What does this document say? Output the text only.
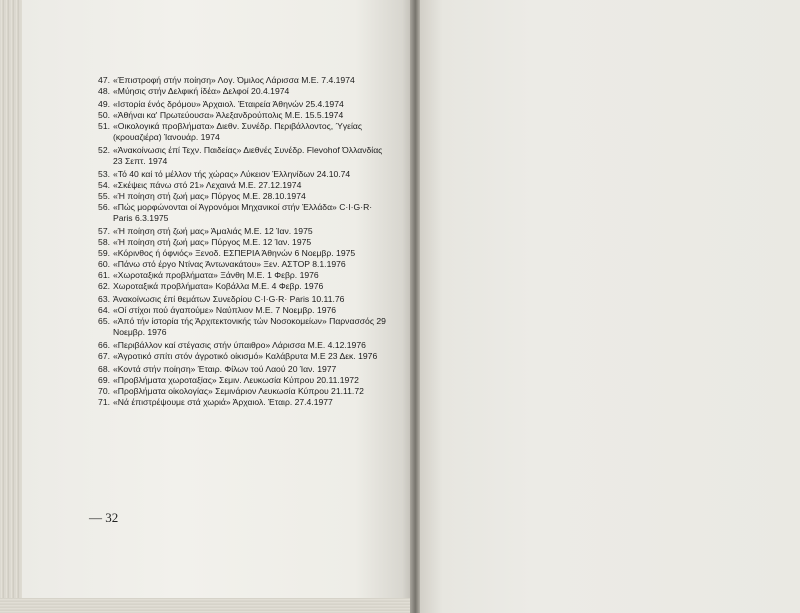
47. «Έπιστροφή στήν ποίηση» Λογ. Όμιλος Λάρισσα Μ.Ε. 7.4.1974
48. «Μύησις στήν Δελφική ίδέα» Δελφοί 20.4.1974
49. «Ιστορία ένός δρόμου» Άρχαιολ. Έταιρεία Άθηνών 25.4.1974
50. «Άθήναι κα' Πρωτεύουσα» Άλεξανδρούπολις Μ.Ε. 15.5.1974
51. «Οικολογικά προβλήματα» Διεθν. Συνέδρ. Περιβάλλοντος, Ύγείας (κρουαζιέρα) Ίανουάρ. 1974
52. «Άνακοίνωσις έπί Τεχν. Παιδείας» Διεθνές Συνέδρ. Flevohof Όλλανδίας 23 Σεπτ. 1974
53. «Τό 40 καί τό μέλλον τής χώρας» Λύκειον Έλληνίδων 24.10.74
54. «Σκέψεις πάνω στό 21» Λεχαινά Μ.Ε. 27.12.1974
55. «Ή ποίηση στή ζωή μας» Πύργος Μ.Ε. 28.10.1974
56. «Πώς μορφώνονται οί Άγρονόμοι Μηχανικοί στήν Έλλάδα» C·I·G·R· Paris 6.3.1975
57. «Ή ποίηση στή ζωή μας» Άμαλιάς Μ.Ε. 12 Ίαν. 1975
58. «Ή ποίηση στή ζωή μας» Πύργος Μ.Ε. 12 Ίαν. 1975
59. «Κόρινθος ή όφνιός» Ξενοδ. ΕΣΠΕΡΙΑ Άθηνών 6 Νοεμβρ. 1975
60. «Πάνω στό έργο Ντίνας Άντωνακάτου» Ξεν. ΑΣΤΟΡ 8.1.1976
61. «Χωροταξικά προβλήματα» Ξάνθη Μ.Ε. 1 Φεβρ. 1976
62. Χωροταξικά προβλήματα» Κοβάλλα Μ.Ε. 4 Φεβρ. 1976
63. Άνακοίνωσις έπί θεμάτων Συνεδρίου C·I·G·R· Paris 10.11.76
64. «Οί στίχοι πού άγαπούμε» Ναύπλιον Μ.Ε. 7 Νοεμβρ. 1976
65. «Άπό τήν ίστορία τής Άρχιτεκτονικής τών Νοσοκομείων» Παρνασσός 29 Νοεμβρ. 1976
66. «Περιβάλλον καί στέγασις στήν ύπαιθρο» Λάρισσα Μ.Ε. 4.12.1976
67. «Άγροτικό σπίτι στόν άγροτικό οίκισμό» Καλάβρυτα Μ.Ε 23 Δεκ. 1976
68. «Κοντά στήν ποίηση» Έταιρ. Φίλων τού Λαού 20 Ίαν. 1977
69. «Προβλήματα χωροταξίας» Σεμιν. Λευκωσία Κύπρου 20.11.1972
70. «Προβλήματα οίκολογίας» Σεμινάριον Λευκωσία Κύπρου 21.11.72
71. «Νά έπιστρέψουμε στά χωριά» Άρχαιολ. Έταιρ. 27.4.1977
— 32
